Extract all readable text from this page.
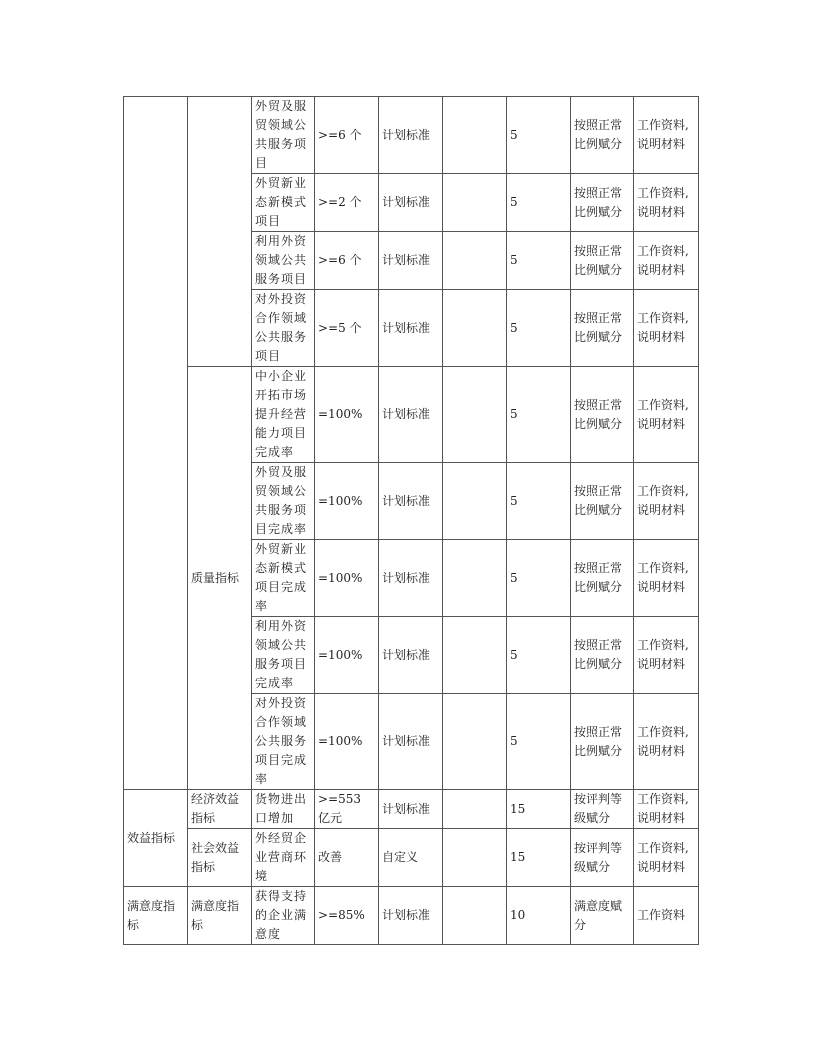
		外贸及服贸领域公共服务项目	>=6 个	计划标准		5	按照正常比例赋分	工作资料,说明材料
		外贸新业态新模式项目	>=2 个	计划标准		5	按照正常比例赋分	工作资料,说明材料
		利用外资领域公共服务项目	>=6 个	计划标准		5	按照正常比例赋分	工作资料,说明材料
		对外投资合作领域公共服务项目	>=5 个	计划标准		5	按照正常比例赋分	工作资料,说明材料
	质量指标	中小企业开拓市场提升经营能力项目完成率	=100%	计划标准		5	按照正常比例赋分	工作资料,说明材料
		外贸及服贸领域公共服务项目完成率	=100%	计划标准		5	按照正常比例赋分	工作资料,说明材料
		外贸新业态新模式项目完成率	=100%	计划标准		5	按照正常比例赋分	工作资料,说明材料
		利用外资领域公共服务项目完成率	=100%	计划标准		5	按照正常比例赋分	工作资料,说明材料
		对外投资合作领域公共服务项目完成率	=100%	计划标准		5	按照正常比例赋分	工作资料,说明材料
效益指标	经济效益指标	货物进出口增加	>=553 亿元	计划标准		15	按评判等级赋分	工作资料,说明材料
	社会效益指标	外经贸企业营商环境	改善	自定义		15	按评判等级赋分	工作资料,说明材料
满意度指标	满意度指标	获得支持的企业满意度	>=85%	计划标准		10	满意度赋分	工作资料
